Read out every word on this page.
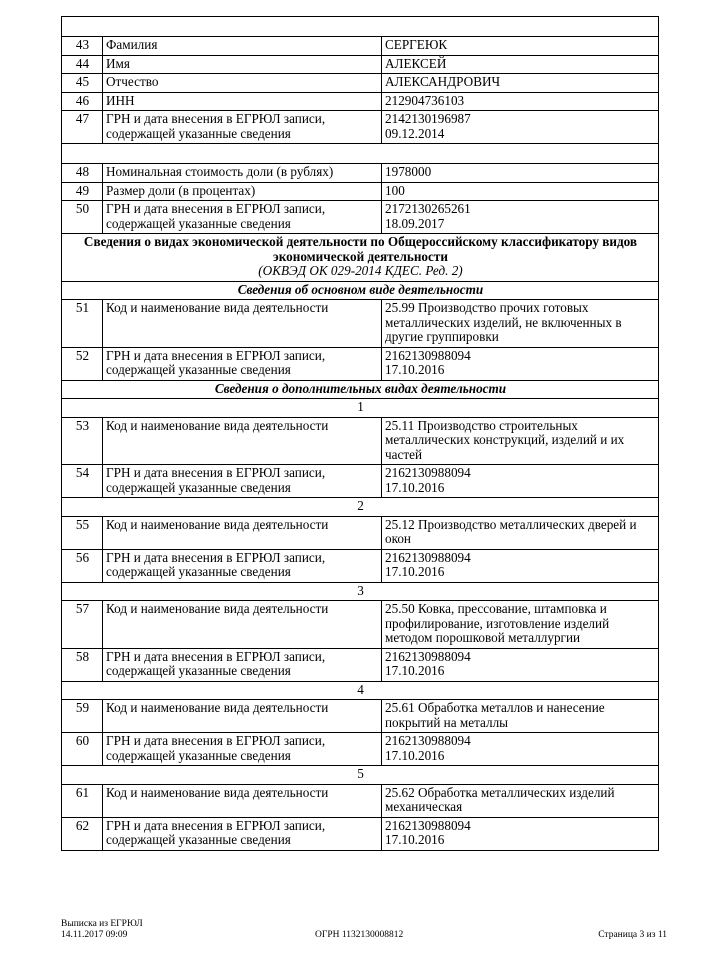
43	Фамилия	СЕРГЕЮК
44	Имя	АЛЕКСЕЙ
45	Отчество	АЛЕКСАНДРОВИЧ
46	ИНН	212904736103
47	ГРН и дата внесения в ЕГРЮЛ записи, содержащей указанные сведения	2142130196987
09.12.2014

48	Номинальная стоимость доли (в рублях)	1978000
49	Размер доли (в процентах)	100
50	ГРН и дата внесения в ЕГРЮЛ записи, содержащей указанные сведения	2172130265261
18.09.2017

Сведения о видах экономической деятельности по Общероссийскому классификатору видов экономической деятельности
(ОКВЭД ОК 029-2014 КДЕС. Ред. 2)		

Сведения об основном виде деятельности		
51	Код и наименование вида деятельности	25.99 Производство прочих готовых металлических изделий, не включенных в другие группировки
52	ГРН и дата внесения в ЕГРЮЛ записи, содержащей указанные сведения	2162130988094
17.10.2016

Сведения о дополнительных видах деятельности		
1		
53	Код и наименование вида деятельности	25.11 Производство строительных металлических конструкций, изделий и их частей
54	ГРН и дата внесения в ЕГРЮЛ записи, содержащей указанные сведения	2162130988094
17.10.2016

2		
55	Код и наименование вида деятельности	25.12 Производство металлических дверей и окон
56	ГРН и дата внесения в ЕГРЮЛ записи, содержащей указанные сведения	2162130988094
17.10.2016

3		
57	Код и наименование вида деятельности	25.50 Ковка, прессование, штамповка и профилирование, изготовление изделий методом порошковой металлургии
58	ГРН и дата внесения в ЕГРЮЛ записи, содержащей указанные сведения	2162130988094
17.10.2016

4		
59	Код и наименование вида деятельности	25.61 Обработка металлов и нанесение покрытий на металлы
60	ГРН и дата внесения в ЕГРЮЛ записи, содержащей указанные сведения	2162130988094
17.10.2016

5		
61	Код и наименование вида деятельности	25.62 Обработка металлических изделий механическая
62	ГРН и дата внесения в ЕГРЮЛ записи, содержащей указанные сведения	2162130988094
17.10.2016
Выписка из ЕГРЮЛ
14.11.2017 09:09	ОГРН 1132130008812	Страница 3 из 11
